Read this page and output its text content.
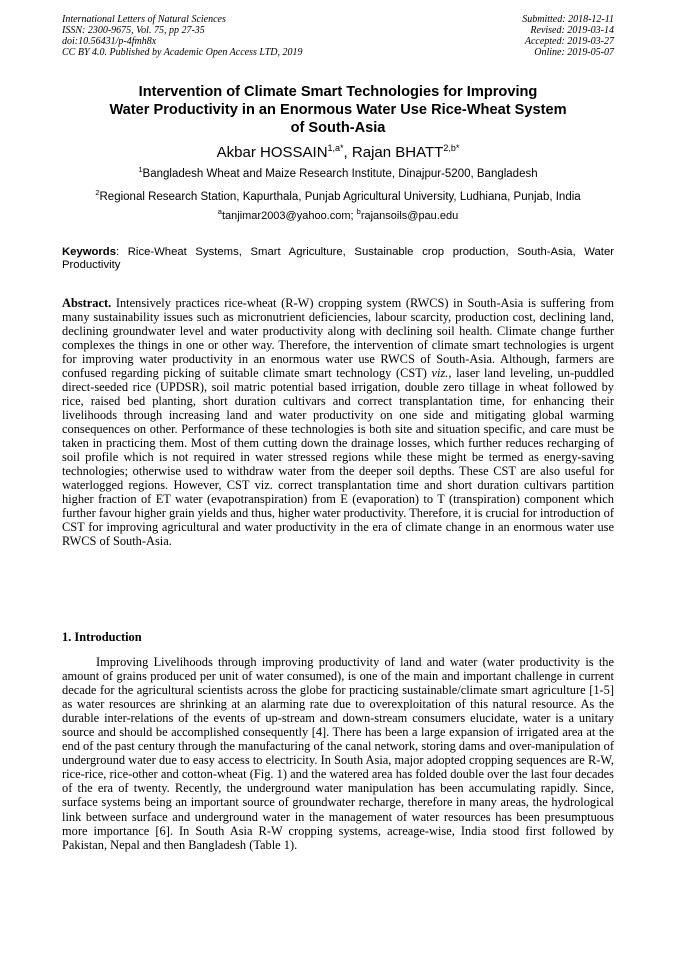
International Letters of Natural Sciences
ISSN: 2300-9675, Vol. 75, pp 27-35
doi:10.56431/p-4fmh8x
CC BY 4.0. Published by Academic Open Access LTD, 2019
Submitted: 2018-12-11
Revised: 2019-03-14
Accepted: 2019-03-27
Online: 2019-05-07
Intervention of Climate Smart Technologies for Improving
Water Productivity in an Enormous Water Use Rice-Wheat System
of South-Asia
Akbar $HOSSAIN^{1,a*}$, Rajan $BHATT^{2,b*}$
$^1$Bangladesh Wheat and Maize Research Institute, Dinajpur-5200, Bangladesh
$^2$Regional Research Station, Kapurthala, Punjab Agricultural University, Ludhiana, Punjab, India
$^a$tanjimar2003@yahoo.com; $^b$rajansoils@pau.edu
Keywords: Rice-Wheat Systems, Smart Agriculture, Sustainable crop production, South-Asia, Water Productivity
Abstract. Intensively practices rice-wheat (R-W) cropping system (RWCS) in South-Asia is suffering from many sustainability issues such as micronutrient deficiencies, labour scarcity, production cost, declining land, declining groundwater level and water productivity along with declining soil health. Climate change further complexes the things in one or other way. Therefore, the intervention of climate smart technologies is urgent for improving water productivity in an enormous water use RWCS of South-Asia. Although, farmers are confused regarding picking of suitable climate smart technology (CST) viz., laser land leveling, un-puddled direct-seeded rice (UPDSR), soil matric potential based irrigation, double zero tillage in wheat followed by rice, raised bed planting, short duration cultivars and correct transplantation time, for enhancing their livelihoods through increasing land and water productivity on one side and mitigating global warming consequences on other. Performance of these technologies is both site and situation specific, and care must be taken in practicing them. Most of them cutting down the drainage losses, which further reduces recharging of soil profile which is not required in water stressed regions while these might be termed as energy-saving technologies; otherwise used to withdraw water from the deeper soil depths. These CST are also useful for waterlogged regions. However, CST viz. correct transplantation time and short duration cultivars partition higher fraction of ET water (evapotranspiration) from E (evaporation) to T (transpiration) component which further favour higher grain yields and thus, higher water productivity. Therefore, it is crucial for introduction of CST for improving agricultural and water productivity in the era of climate change in an enormous water use RWCS of South-Asia.
1. Introduction
Improving Livelihoods through improving productivity of land and water (water productivity is the amount of grains produced per unit of water consumed), is one of the main and important challenge in current decade for the agricultural scientists across the globe for practicing sustainable/climate smart agriculture [1-5] as water resources are shrinking at an alarming rate due to overexploitation of this natural resource. As the durable inter-relations of the events of up-stream and down-stream consumers elucidate, water is a unitary source and should be accomplished consequently [4]. There has been a large expansion of irrigated area at the end of the past century through the manufacturing of the canal network, storing dams and over-manipulation of underground water due to easy access to electricity. In South Asia, major adopted cropping sequences are R-W, rice-rice, rice-other and cotton-wheat (Fig. 1) and the watered area has folded double over the last four decades of the era of twenty. Recently, the underground water manipulation has been accumulating rapidly. Since, surface systems being an important source of groundwater recharge, therefore in many areas, the hydrological link between surface and underground water in the management of water resources has been presumptuous more importance [6]. In South Asia R-W cropping systems, acreage-wise, India stood first followed by Pakistan, Nepal and then Bangladesh (Table 1).
